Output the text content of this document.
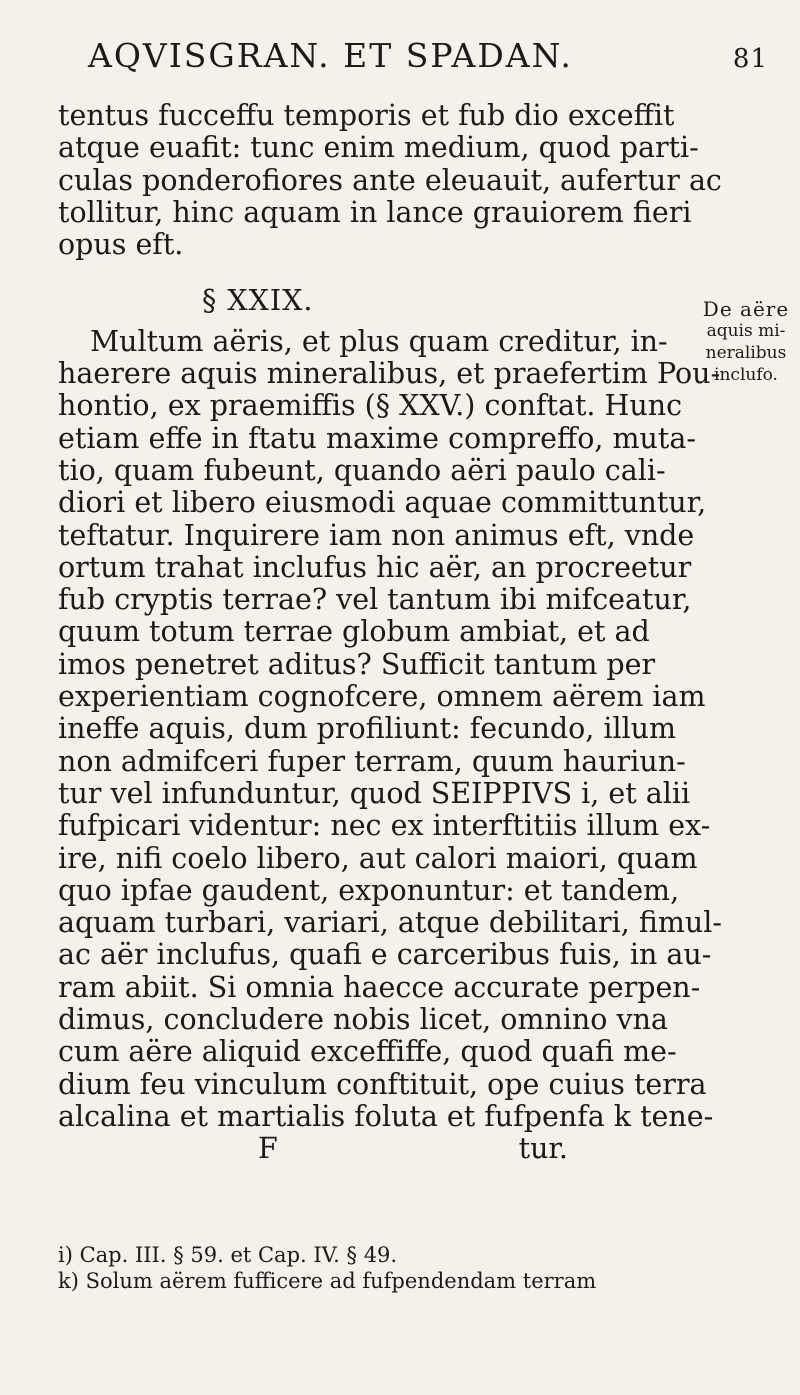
AQVISGRAN. ET SPADAN.	81
tentus fucceffu temporis et fub dio exceffit
atque euafit: tunc enim medium, quod parti-
culas ponderofiores ante eleuauit, aufertur ac
tollitur, hinc aquam in lance grauiorem fieri
opus eft.
§ XXIX.
Multum aëris, et plus quam creditur, in-
haerere aquis mineralibus, et praefertim Pou-
hontio, ex praemiffis (§ XXV.) conftat. Hunc
etiam effe in ftatu maxime compreffo, muta-
tio, quam fubeunt, quando aëri paulo cali-
diori et libero eiusmodi aquae committuntur,
teftatur. Inquirere iam non animus eft, vnde
ortum trahat inclufus hic aër, an procreetur
fub cryptis terrae? vel tantum ibi mifceatur,
quum totum terrae globum ambiat, et ad
imos penetret aditus? Sufficit tantum per
experientiam cognofcere, omnem aërem iam
ineffe aquis, dum profiliunt: fecundo, illum
non admifceri fuper terram, quum hauriun-
tur vel infunduntur, quod SEIPPIVS i, et alii
fufpicari videntur: nec ex interftitiis illum ex-
ire, nifi coelo libero, aut calori maiori, quam
quo ipfae gaudent, exponuntur: et tandem,
aquam turbari, variari, atque debilitari, fimul-
ac aër inclufus, quafi e carceribus fuis, in au-
ram abiit. Si omnia haecce accurate perpen-
dimus, concludere nobis licet, omnino vna
cum aëre aliquid exceffiffe, quod quafi me-
dium feu vinculum conftituit, ope cuius terra
alcalina et martialis foluta et fufpenfa k tene-
F	tur.
De aëre
aquis mi-
neralibus
inclufo.
i) Cap. III. § 59. et Cap. IV. § 49.
k) Solum aërem fufficere ad fufpendendam terram
